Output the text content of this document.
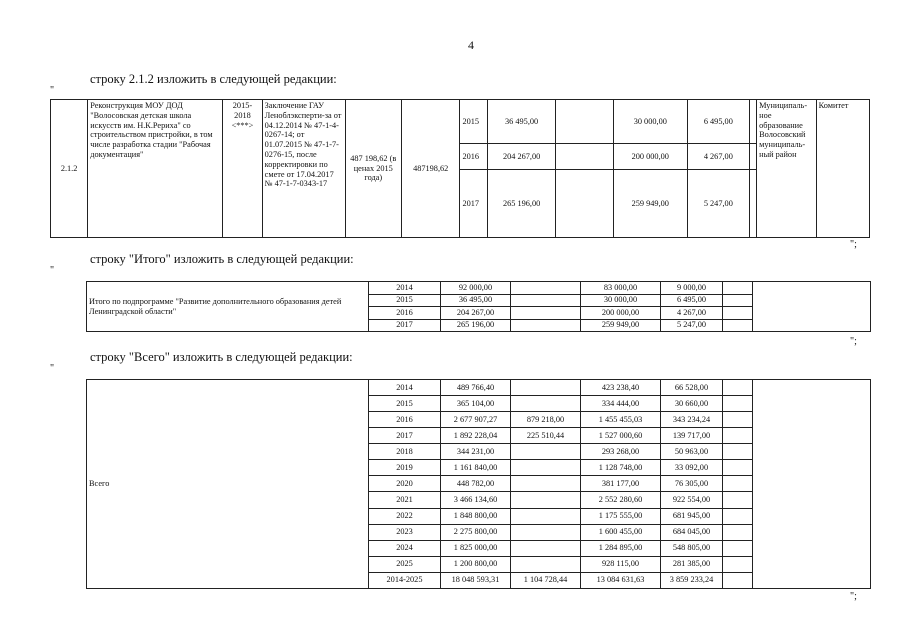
4
строку 2.1.2 изложить в следующей редакции:
"
2.1.2	Реконструкция МОУ ДОД "Волосовская детская школа искусств им. Н.К.Рериха" со строительством пристройки, в том числе разработка стадии "Рабочая документация"	2015-2018 <***>	Заключение ГАУ Леноблэксперти-за от 04.12.2014 № 47-1-4-0267-14; от 01.07.2015 № 47-1-7-0276-15, после корректировки по смете от 17.04.2017 № 47-1-7-0343-17	487 198,62 (в ценах 2015 года)	487198,62	2015	36 495,00		30 000,00	6 495,00		Муниципаль-ное образование Волосовский муниципаль-ный район	Комитет
						2016	204 267,00		200 000,00	4 267,00			
						2017	265 196,00		259 949,00	5 247,00			
";
строку "Итого" изложить в следующей редакции:
"
Итого по подпрограмме "Развитие дополнительного образования детей Ленинградской области"	2014	92 000,00		83 000,00	9 000,00		
	2015	36 495,00		30 000,00	6 495,00		
	2016	204 267,00		200 000,00	4 267,00		
	2017	265 196,00		259 949,00	5 247,00		
";
строку "Всего" изложить в следующей редакции:
"
Всего	2014	489 766,40		423 238,40	66 528,00		
	2015	365 104,00		334 444,00	30 660,00		
	2016	2 677 907,27	879 218,00	1 455 455,03	343 234,24		
	2017	1 892 228,04	225 510,44	1 527 000,60	139 717,00		
	2018	344 231,00		293 268,00	50 963,00		
	2019	1 161 840,00		1 128 748,00	33 092,00		
	2020	448 782,00		381 177,00	76 305,00		
	2021	3 466 134,60		2 552 280,60	922 554,00		
	2022	1 848 800,00		1 175 555,00	681 945,00		
	2023	2 275 800,00		1 600 455,00	684 045,00		
	2024	1 825 000,00		1 284 895,00	548 805,00		
	2025	1 200 800,00		928 115,00	281 385,00		
	2014-2025	18 048 593,31	1 104 728,44	13 084 631,63	3 859 233,24		
";
